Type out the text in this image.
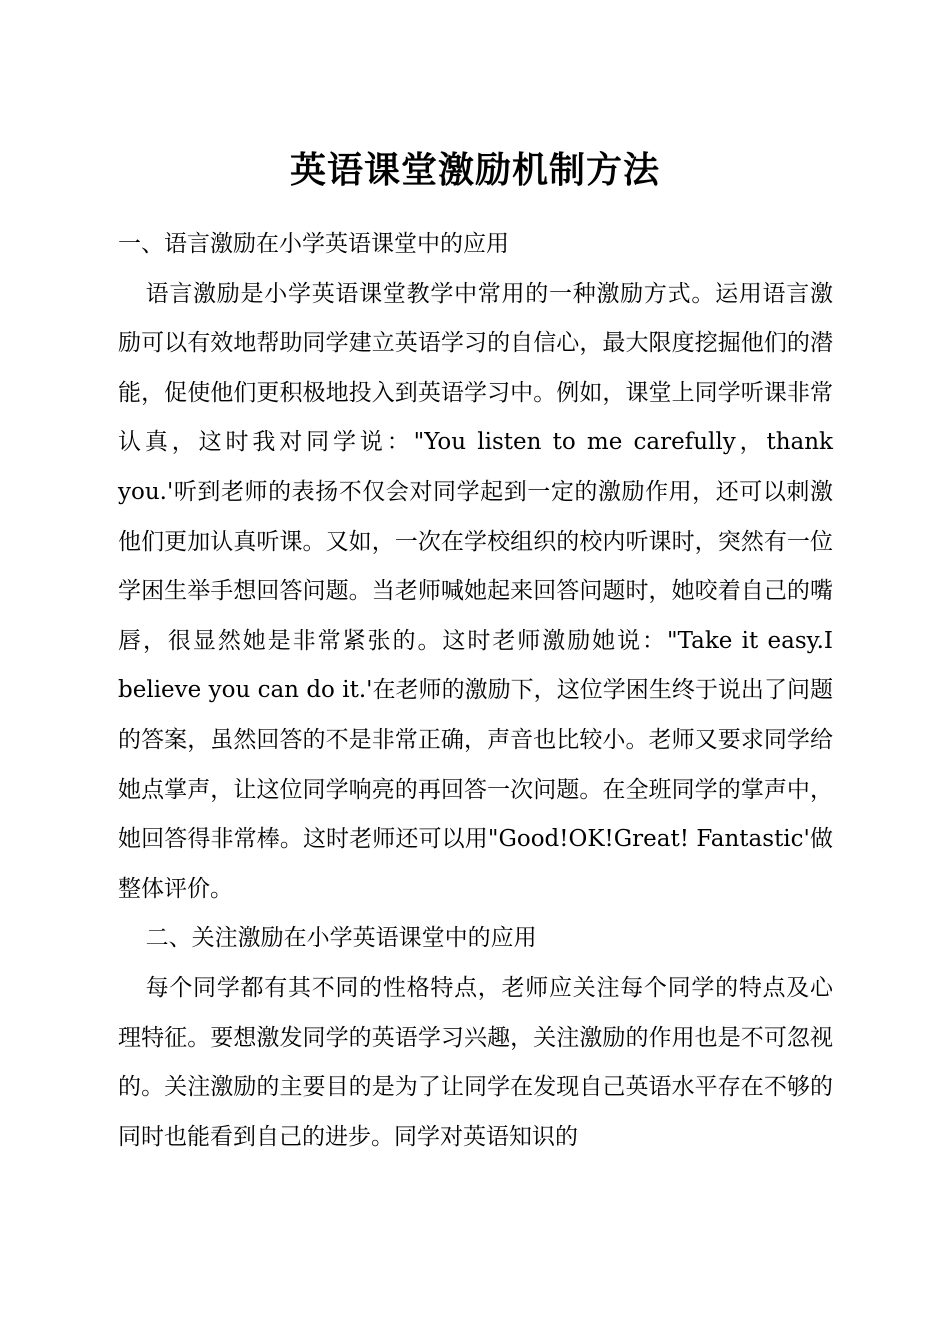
英语课堂激励机制方法

一、语言激励在小学英语课堂中的应用

语言激励是小学英语课堂教学中常用的一种激励方式。运用语言激励可以有效地帮助同学建立英语学习的自信心，最大限度挖掘他们的潜能，促使他们更积极地投入到英语学习中。例如，课堂上同学听课非常认真，这时我对同学说："You listen to me carefully，thank you.'听到老师的表扬不仅会对同学起到一定的激励作用，还可以刺激他们更加认真听课。又如，一次在学校组织的校内听课时，突然有一位学困生举手想回答问题。当老师喊她起来回答问题时，她咬着自己的嘴唇，很显然她是非常紧张的。这时老师激励她说："Take it easy.I believe you can do it.'在老师的激励下，这位学困生终于说出了问题的答案，虽然回答的不是非常正确，声音也比较小。老师又要求同学给她点掌声，让这位同学响亮的再回答一次问题。在全班同学的掌声中，她回答得非常棒。这时老师还可以用"Good!OK!Great! Fantastic'做整体评价。

二、关注激励在小学英语课堂中的应用

每个同学都有其不同的性格特点，老师应关注每个同学的特点及心理特征。要想激发同学的英语学习兴趣，关注激励的作用也是不可忽视的。关注激励的主要目的是为了让同学在发现自己英语水平存在不够的同时也能看到自己的进步。同学对英语知识的
